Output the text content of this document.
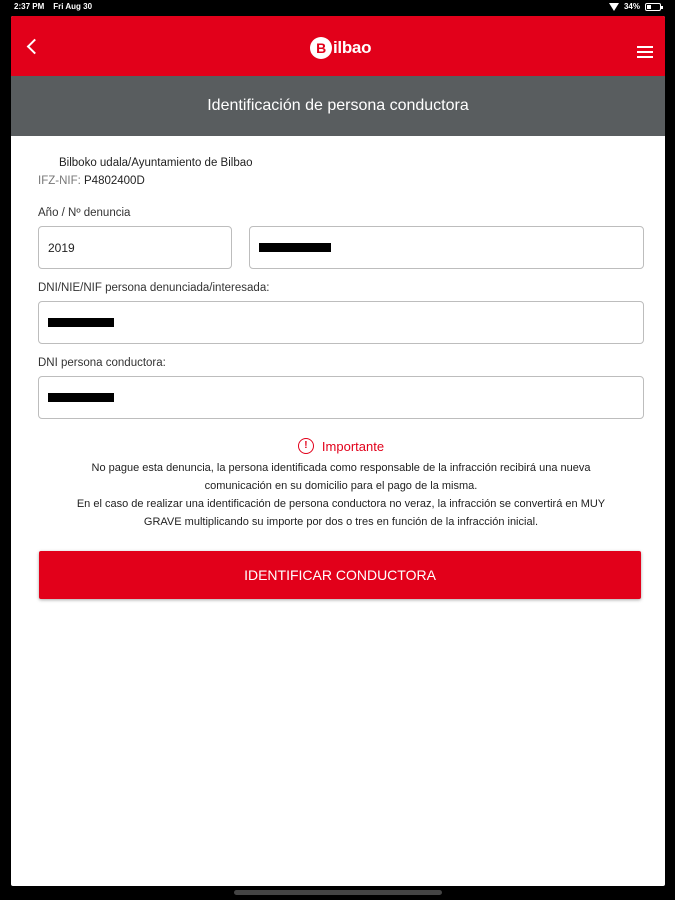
2:37 PM Fri Aug 30	34%
B ilbao
Identificación de persona conductora
Bilboko udala/Ayuntamiento de Bilbao
IFZ-NIF: P4802400D
Año / Nº denuncia
2019
DNI/NIE/NIF persona denunciada/interesada:
DNI persona conductora:
!	Importante
No pague esta denuncia, la persona identificada como responsable de la infracción recibirá una nueva
comunicación en su domicilio para el pago de la misma.
En el caso de realizar una identificación de persona conductora no veraz, la infracción se convertirá en MUY
GRAVE multiplicando su importe por dos o tres en función de la infracción inicial.
IDENTIFICAR CONDUCTORA
